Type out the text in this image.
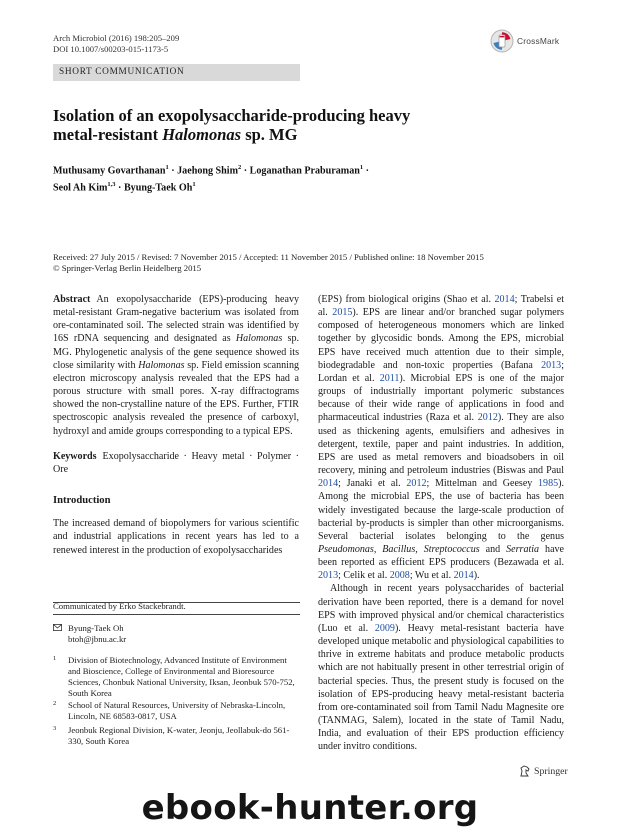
Arch Microbiol (2016) 198:205–209
DOI 10.1007/s00203-015-1173-5
CrossMark
SHORT COMMUNICATION
Isolation of an exopolysaccharide-producing heavy
metal-resistant Halomonas sp. MG
Muthusamy Govarthanan$^1$ · Jaehong Shim$^2$ · Loganathan Praburaman$^1$ ·
Seol Ah Kim$^{1,3}$ · Byung-Taek Oh$^1$
Received: 27 July 2015 / Revised: 7 November 2015 / Accepted: 11 November 2015 / Published online: 18 November 2015
© Springer-Verlag Berlin Heidelberg 2015

Abstract An exopolysaccharide (EPS)-producing heavy metal-resistant Gram-negative bacterium was isolated from ore-contaminated soil. The selected strain was identified by 16S rDNA sequencing and designated as Halomonas sp. MG. Phylogenetic analysis of the gene sequence showed its close similarity with Halomonas sp. Field emission scanning electron microscopy analysis revealed that the EPS had a porous structure with small pores. X-ray diffractograms showed the non-crystalline nature of the EPS. Further, FTIR spectroscopic analysis revealed the presence of carboxyl, hydroxyl and amide groups corresponding to a typical EPS.

Keywords Exopolysaccharide · Heavy metal · Polymer · Ore

Introduction

The increased demand of biopolymers for various scientific and industrial applications in recent years has led to a renewed interest in the production of exopolysaccharides

(EPS) from biological origins (Shao et al. 2014; Trabelsi et al. 2015). EPS are linear and/or branched sugar polymers composed of heterogeneous monomers which are linked together by glycosidic bonds. Among the EPS, microbial EPS have received much attention due to their simple, biodegradable and non-toxic properties (Bafana 2013; Lordan et al. 2011). Microbial EPS is one of the major groups of industrially important polymeric substances because of their wide range of applications in food and pharmaceutical industries (Raza et al. 2012). They are also used as thickening agents, emulsifiers and adhesives in detergent, textile, paper and paint industries. In addition, EPS are used as metal removers and bioadsobers in oil recovery, mining and petroleum industries (Biswas and Paul 2014; Janaki et al. 2012; Mittelman and Geesey 1985). Among the microbial EPS, the use of bacteria has been widely investigated because the large-scale production of bacterial by-products is simpler than other microorganisms. Several bacterial isolates belonging to the genus Pseudomonas, Bacillus, Streptococcus and Serratia have been reported as efficient EPS producers (Bezawada et al. 2013; Celik et al. 2008; Wu et al. 2014).

Although in recent years polysaccharides of bacterial derivation have been reported, there is a demand for novel EPS with improved physical and/or chemical characteristics (Luo et al. 2009). Heavy metal-resistant bacteria have developed unique metabolic and physiological capabilities to thrive in extreme habitats and produce metabolic products which are not habitually present in other terrestrial origin of bacterial species. Thus, the present study is focused on the isolation of EPS-producing heavy metal-resistant bacteria from ore-contaminated soil from Tamil Nadu Magnesite ore (TANMAG, Salem), located in the state of Tamil Nadu, India, and evaluation of their EPS production efficiency under invitro conditions.

Communicated by Erko Stackebrandt.
Byung-Taek Oh
btoh@jbnu.ac.kr
1	Division of Biotechnology, Advanced Institute of Environment and Bioscience, College of Environmental and Bioresource Sciences, Chonbuk National University, Iksan, Jeonbuk 570-752, South Korea
2	School of Natural Resources, University of Nebraska-Lincoln, Lincoln, NE 68583-0817, USA
3	Jeonbuk Regional Division, K-water, Jeonju, Jeollabuk-do 561-330, South Korea
Springer
ebook-hunter.org
